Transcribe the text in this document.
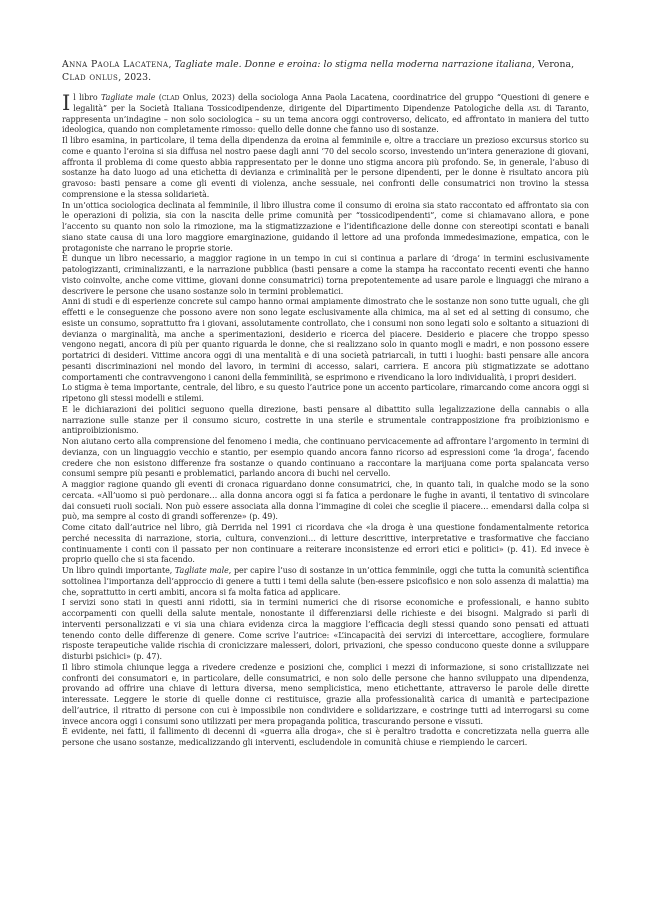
Anna Paola Lacatena, Tagliate male. Donne e eroina: lo stigma nella moderna narrazione italiana, Verona, Clad onlus, 2023.

Il libro Tagliate male (clad Onlus, 2023) della sociologa Anna Paola Lacatena, coordinatrice del gruppo “Questioni di genere e legalità” per la Società Italiana Tossicodipendenze, dirigente del Dipartimento Dipendenze Patologiche della asl di Taranto, rappresenta un’indagine – non solo sociologica – su un tema ancora oggi controverso, delicato, ed affrontato in maniera del tutto ideologica, quando non completamente rimosso: quello delle donne che fanno uso di sostanze.

Il libro esamina, in particolare, il tema della dipendenza da eroina al femminile e, oltre a tracciare un prezioso excursus storico su come e quanto l’eroina si sia diffusa nel nostro paese dagli anni ’70 del secolo scorso, investendo un’intera generazione di giovani, affronta il problema di come questo abbia rappresentato per le donne uno stigma ancora più profondo. Se, in generale, l’abuso di sostanze ha dato luogo ad una etichetta di devianza e criminalità per le persone dipendenti, per le donne è risultato ancora più gravoso: basti pensare a come gli eventi di violenza, anche sessuale, nei confronti delle consumatrici non trovino la stessa comprensione e la stessa solidarietà.

In un’ottica sociologica declinata al femminile, il libro illustra come il consumo di eroina sia stato raccontato ed affrontato sia con le operazioni di polizia, sia con la nascita delle prime comunità per “tossicodipendenti”, come si chiamavano allora, e pone l’accento su quanto non solo la rimozione, ma la stigmatizzazione e l’identificazione delle donne con stereotipi scontati e banali siano state causa di una loro maggiore emarginazione, guidando il lettore ad una profonda immedesimazione, empatica, con le protagoniste che narrano le proprie storie.

È dunque un libro necessario, a maggior ragione in un tempo in cui si continua a parlare di ‘droga’ in termini esclusivamente patologizzanti, criminalizzanti, e la narrazione pubblica (basti pensare a come la stampa ha raccontato recenti eventi che hanno visto coinvolte, anche come vittime, giovani donne consumatrici) torna prepotentemente ad usare parole e linguaggi che mirano a descrivere le persone che usano sostanze solo in termini problematici.

Anni di studi e di esperienze concrete sul campo hanno ormai ampiamente dimostrato che le sostanze non sono tutte uguali, che gli effetti e le conseguenze che possono avere non sono legate esclusivamente alla chimica, ma al set ed al setting di consumo, che esiste un consumo, soprattutto fra i giovani, assolutamente controllato, che i consumi non sono legati solo e soltanto a situazioni di devianza o marginalità, ma anche a sperimentazioni, desiderio e ricerca del piacere. Desiderio e piacere che troppo spesso vengono negati, ancora di più per quanto riguarda le donne, che si realizzano solo in quanto mogli e madri, e non possono essere portatrici di desideri. Vittime ancora oggi di una mentalità e di una società patriarcali, in tutti i luoghi: basti pensare alle ancora pesanti discriminazioni nel mondo del lavoro, in termini di accesso, salari, carriera. E ancora più stigmatizzate se adottano comportamenti che contravvengono i canoni della femminilità, se esprimono e rivendicano la loro individualità, i propri desideri.

Lo stigma è tema importante, centrale, del libro, e su questo l’autrice pone un accento particolare, rimarcando come ancora oggi si ripetono gli stessi modelli e stilemi.

E le dichiarazioni dei politici seguono quella direzione, basti pensare al dibattito sulla legalizzazione della cannabis o alla narrazione sulle stanze per il consumo sicuro, costrette in una sterile e strumentale contrapposizione fra proibizionismo e antiproibizionismo.

Non aiutano certo alla comprensione del fenomeno i media, che continuano pervicacemente ad affrontare l’argomento in termini di devianza, con un linguaggio vecchio e stantio, per esempio quando ancora fanno ricorso ad espressioni come ‘la droga’, facendo credere che non esistono differenze fra sostanze o quando continuano a raccontare la marijuana come porta spalancata verso consumi sempre più pesanti e problematici, parlando ancora di buchi nel cervello.

A maggior ragione quando gli eventi di cronaca riguardano donne consumatrici, che, in quanto tali, in qualche modo se la sono cercata. «All’uomo si può perdonare… alla donna ancora oggi si fa fatica a perdonare le fughe in avanti, il tentativo di svincolare dai consueti ruoli sociali. Non può essere associata alla donna l’immagine di colei che sceglie il piacere… emendarsi dalla colpa si può, ma sempre al costo di grandi sofferenze» (p. 49).

Come citato dall’autrice nel libro, già Derrida nel 1991 ci ricordava che «la droga è una questione fondamentalmente retorica perché necessita di narrazione, storia, cultura, convenzioni… di letture descrittive, interpretative e trasformative che facciano continuamente i conti con il passato per non continuare a reiterare inconsistenze ed errori etici e politici» (p. 41). Ed invece è proprio quello che si sta facendo.

Un libro quindi importante, Tagliate male, per capire l’uso di sostanze in un’ottica femminile, oggi che tutta la comunità scientifica sottolinea l’importanza dell’approccio di genere a tutti i temi della salute (ben-essere psicofisico e non solo assenza di malattia) ma che, soprattutto in certi ambiti, ancora si fa molta fatica ad applicare.

I servizi sono stati in questi anni ridotti, sia in termini numerici che di risorse economiche e professionali, e hanno subito accorpamenti con quelli della salute mentale, nonostante il differenziarsi delle richieste e dei bisogni. Malgrado si parli di interventi personalizzati e vi sia una chiara evidenza circa la maggiore l’efficacia degli stessi quando sono pensati ed attuati tenendo conto delle differenze di genere. Come scrive l’autrice: «L’incapacità dei servizi di intercettare, accogliere, formulare risposte terapeutiche valide rischia di cronicizzare malesseri, dolori, privazioni, che spesso conducono queste donne a sviluppare disturbi psichici» (p. 47).

Il libro stimola chiunque legga a rivedere credenze e posizioni che, complici i mezzi di informazione, si sono cristallizzate nei confronti dei consumatori e, in particolare, delle consumatrici, e non solo delle persone che hanno sviluppato una dipendenza, provando ad offrire una chiave di lettura diversa, meno semplicistica, meno etichettante, attraverso le parole delle dirette interessate. Leggere le storie di quelle donne ci restituisce, grazie alla professionalità carica di umanità e partecipazione dell’autrice, il ritratto di persone con cui è impossibile non condividere e solidarizzare, e costringe tutti ad interrogarsi su come invece ancora oggi i consumi sono utilizzati per mera propaganda politica, trascurando persone e vissuti.

È evidente, nei fatti, il fallimento di decenni di «guerra alla droga», che si è peraltro tradotta e concretizzata nella guerra alle persone che usano sostanze, medicalizzando gli interventi, escludendole in comunità chiuse e riempiendo le carceri.
